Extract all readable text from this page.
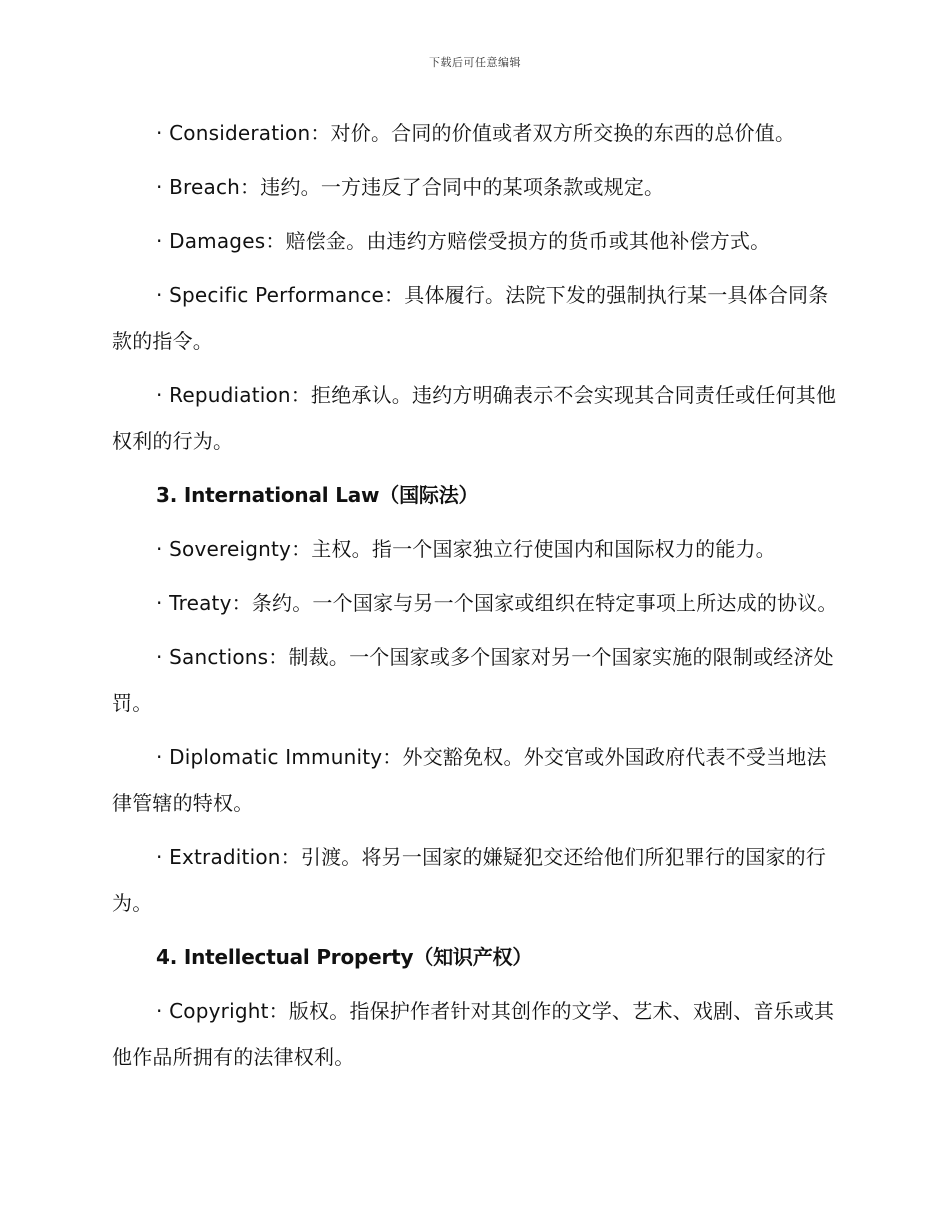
下载后可任意编辑

· Consideration：对价。合同的价值或者双方所交换的东西的总价值。

· Breach：违约。一方违反了合同中的某项条款或规定。

· Damages：赔偿金。由违约方赔偿受损方的货币或其他补偿方式。

· Specific Performance：具体履行。法院下发的强制执行某一具体合同条款的指令。

· Repudiation：拒绝承认。违约方明确表示不会实现其合同责任或任何其他权利的行为。

3. International Law（国际法）

· Sovereignty：主权。指一个国家独立行使国内和国际权力的能力。

· Treaty：条约。一个国家与另一个国家或组织在特定事项上所达成的协议。

· Sanctions：制裁。一个国家或多个国家对另一个国家实施的限制或经济处罚。

· Diplomatic Immunity：外交豁免权。外交官或外国政府代表不受当地法律管辖的特权。

· Extradition：引渡。将另一国家的嫌疑犯交还给他们所犯罪行的国家的行为。

4. Intellectual Property（知识产权）

· Copyright：版权。指保护作者针对其创作的文学、艺术、戏剧、音乐或其他作品所拥有的法律权利。
